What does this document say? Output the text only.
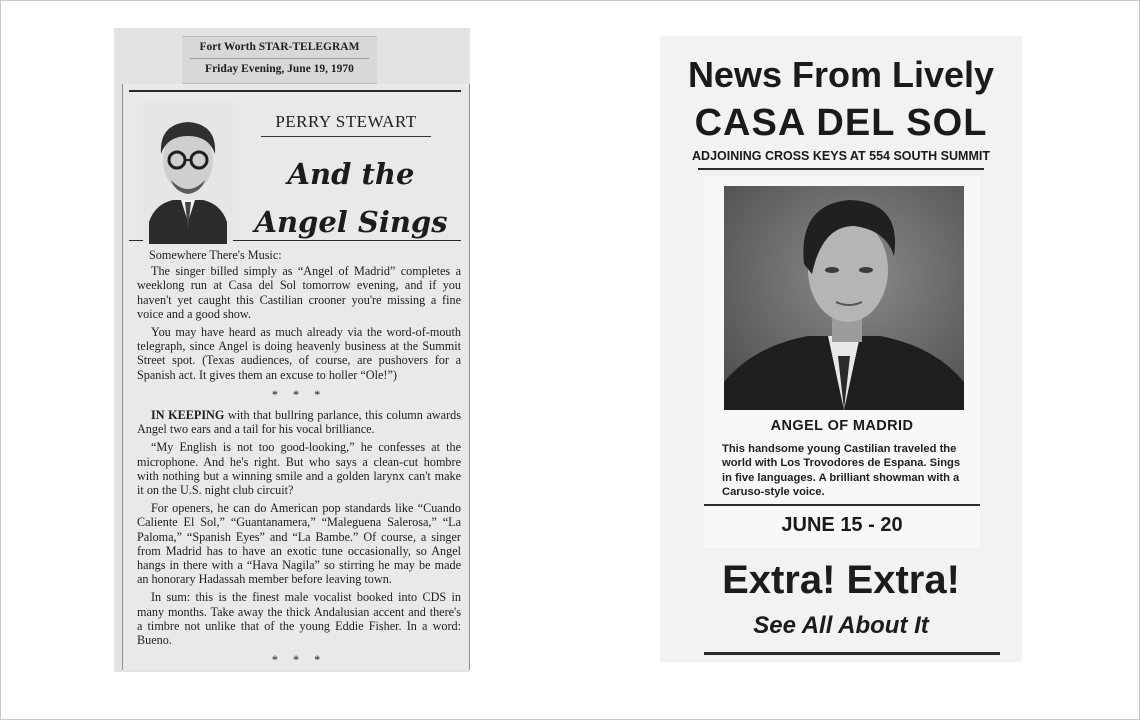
Fort Worth STAR-TELEGRAM
Friday Evening, June 19, 1970
PERRY STEWART
And the
Angel Sings

Somewhere There's Music:

The singer billed simply as “Angel of Madrid” completes a weeklong run at Casa del Sol tomorrow evening, and if you haven't yet caught this Castilian crooner you're missing a fine voice and a good show.

You may have heard as much already via the word-of-mouth telegraph, since Angel is doing heavenly business at the Summit Street spot. (Texas audiences, of course, are pushovers for a Spanish act. It gives them an excuse to holler “Ole!”)

* * *

IN KEEPING with that bullring parlance, this column awards Angel two ears and a tail for his vocal brilliance.

“My English is not too good-looking,” he confesses at the microphone. And he's right. But who says a clean-cut hombre with nothing but a winning smile and a golden larynx can't make it on the U.S. night club circuit?

For openers, he can do American pop standards like “Cuando Caliente El Sol,” “Guantanamera,” “Maleguena Salerosa,” “La Paloma,” “Spanish Eyes” and “La Bambe.” Of course, a singer from Madrid has to have an exotic tune occasionally, so Angel hangs in there with a “Hava Nagila” so stirring he may be made an honorary Hadassah member before leaving town.

In sum: this is the finest male vocalist booked into CDS in many months. Take away the thick Andalusian accent and there's a timbre not unlike that of the young Eddie Fisher. In a word: Bueno.

* * *

News From Lively
CASA DEL SOL
ADJOINING CROSS KEYS AT 554 SOUTH SUMMIT
ANGEL OF MADRID
This handsome young Castilian traveled the world with Los Trovodores de Espana. Sings in five languages. A brilliant showman with a Caruso-style voice.
JUNE 15 - 20
Extra! Extra!
See All About It
